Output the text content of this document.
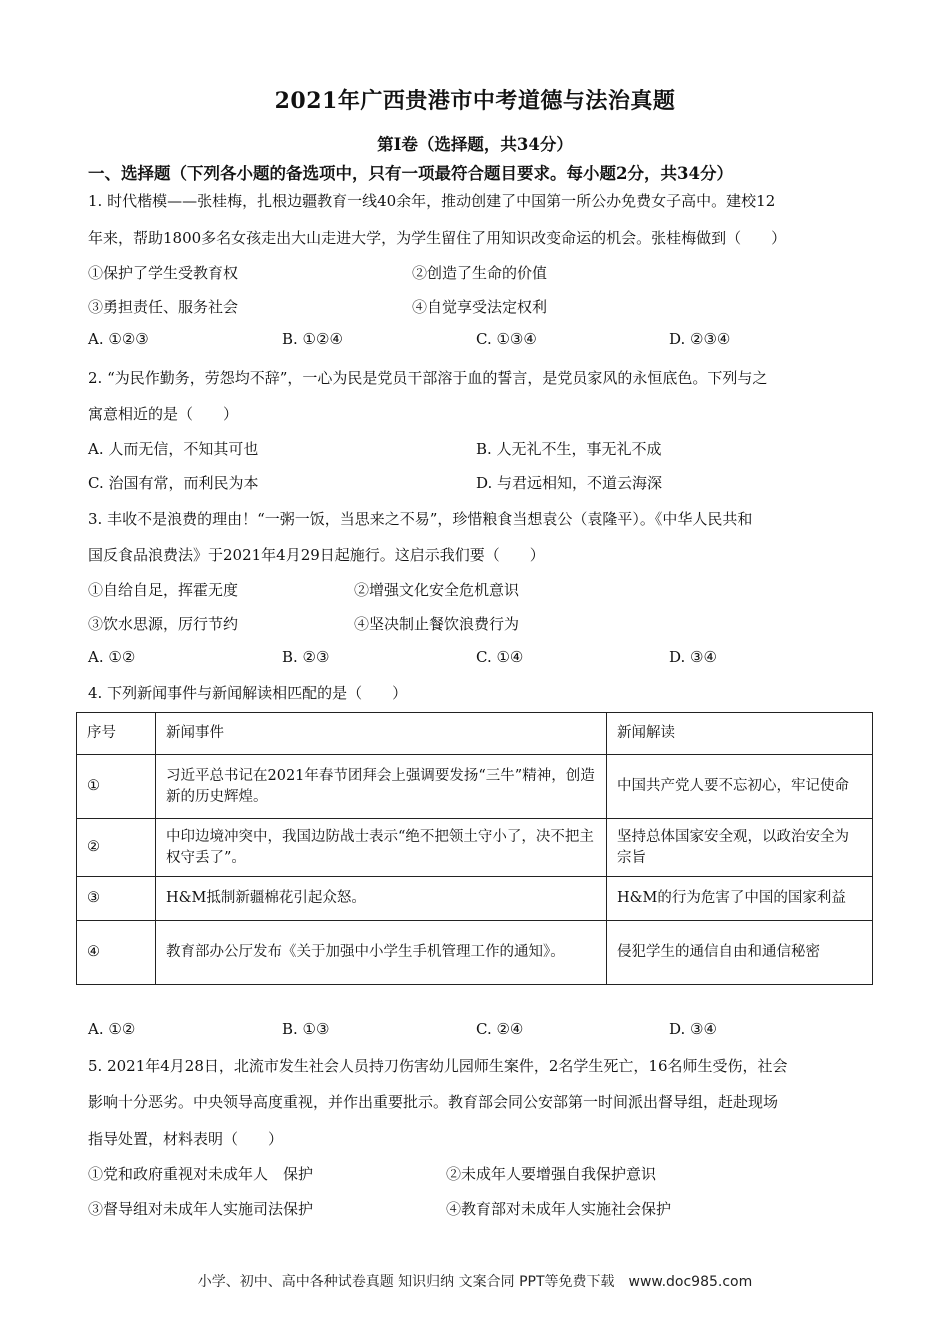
2021年广西贵港市中考道德与法治真题
第Ⅰ卷（选择题，共34分）
一、选择题（下列各小题的备选项中，只有一项最符合题目要求。每小题2分，共34分）
1. 时代楷模——张桂梅，扎根边疆教育一线40余年，推动创建了中国第一所公办免费女子高中。建校12
年来，帮助1800多名女孩走出大山走进大学，为学生留住了用知识改变命运的机会。张桂梅做到（　　）
①保护了学生受教育权	②创造了生命的价值
③勇担责任、服务社会	④自觉享受法定权利
A. ①②③	B. ①②④	C. ①③④	D. ②③④
2. “为民作勤务，劳怨均不辞”，一心为民是党员干部溶于血的誓言，是党员家风的永恒底色。下列与之
寓意相近的是（　　）
A. 人而无信，不知其可也	B. 人无礼不生，事无礼不成
C. 治国有常，而利民为本	D. 与君远相知，不道云海深
3. 丰收不是浪费的理由！“一粥一饭，当思来之不易”，珍惜粮食当想袁公（袁隆平）。《中华人民共和
国反食品浪费法》于2021年4月29日起施行。这启示我们要（　　）
①自给自足，挥霍无度	②增强文化安全危机意识
③饮水思源，厉行节约	④坚决制止餐饮浪费行为
A. ①②	B. ②③	C. ①④	D. ③④
4. 下列新闻事件与新闻解读相匹配的是（　　）
序号	新闻事件	新闻解读
①	习近平总书记在2021年春节团拜会上强调要发扬“三牛”精神，创造新的历史辉煌。	中国共产党人要不忘初心，牢记使命
②	中印边境冲突中，我国边防战士表示“绝不把领土守小了，决不把主权守丢了”。	坚持总体国家安全观，以政治安全为宗旨
③	H&M抵制新疆棉花引起众怒。	H&M的行为危害了中国的国家利益
④	教育部办公厅发布《关于加强中小学生手机管理工作的通知》。	侵犯学生的通信自由和通信秘密
A. ①②	B. ①③	C. ②④	D. ③④
5. 2021年4月28日，北流市发生社会人员持刀伤害幼儿园师生案件，2名学生死亡，16名师生受伤，社会
影响十分恶劣。中央领导高度重视，并作出重要批示。教育部会同公安部第一时间派出督导组，赶赴现场
指导处置，材料表明（　　）
①党和政府重视对未成年人　保护	②未成年人要增强自我保护意识
③督导组对未成年人实施司法保护	④教育部对未成年人实施社会保护
小学、初中、高中各种试卷真题 知识归纳 文案合同 PPT等免费下载　www.doc985.com
